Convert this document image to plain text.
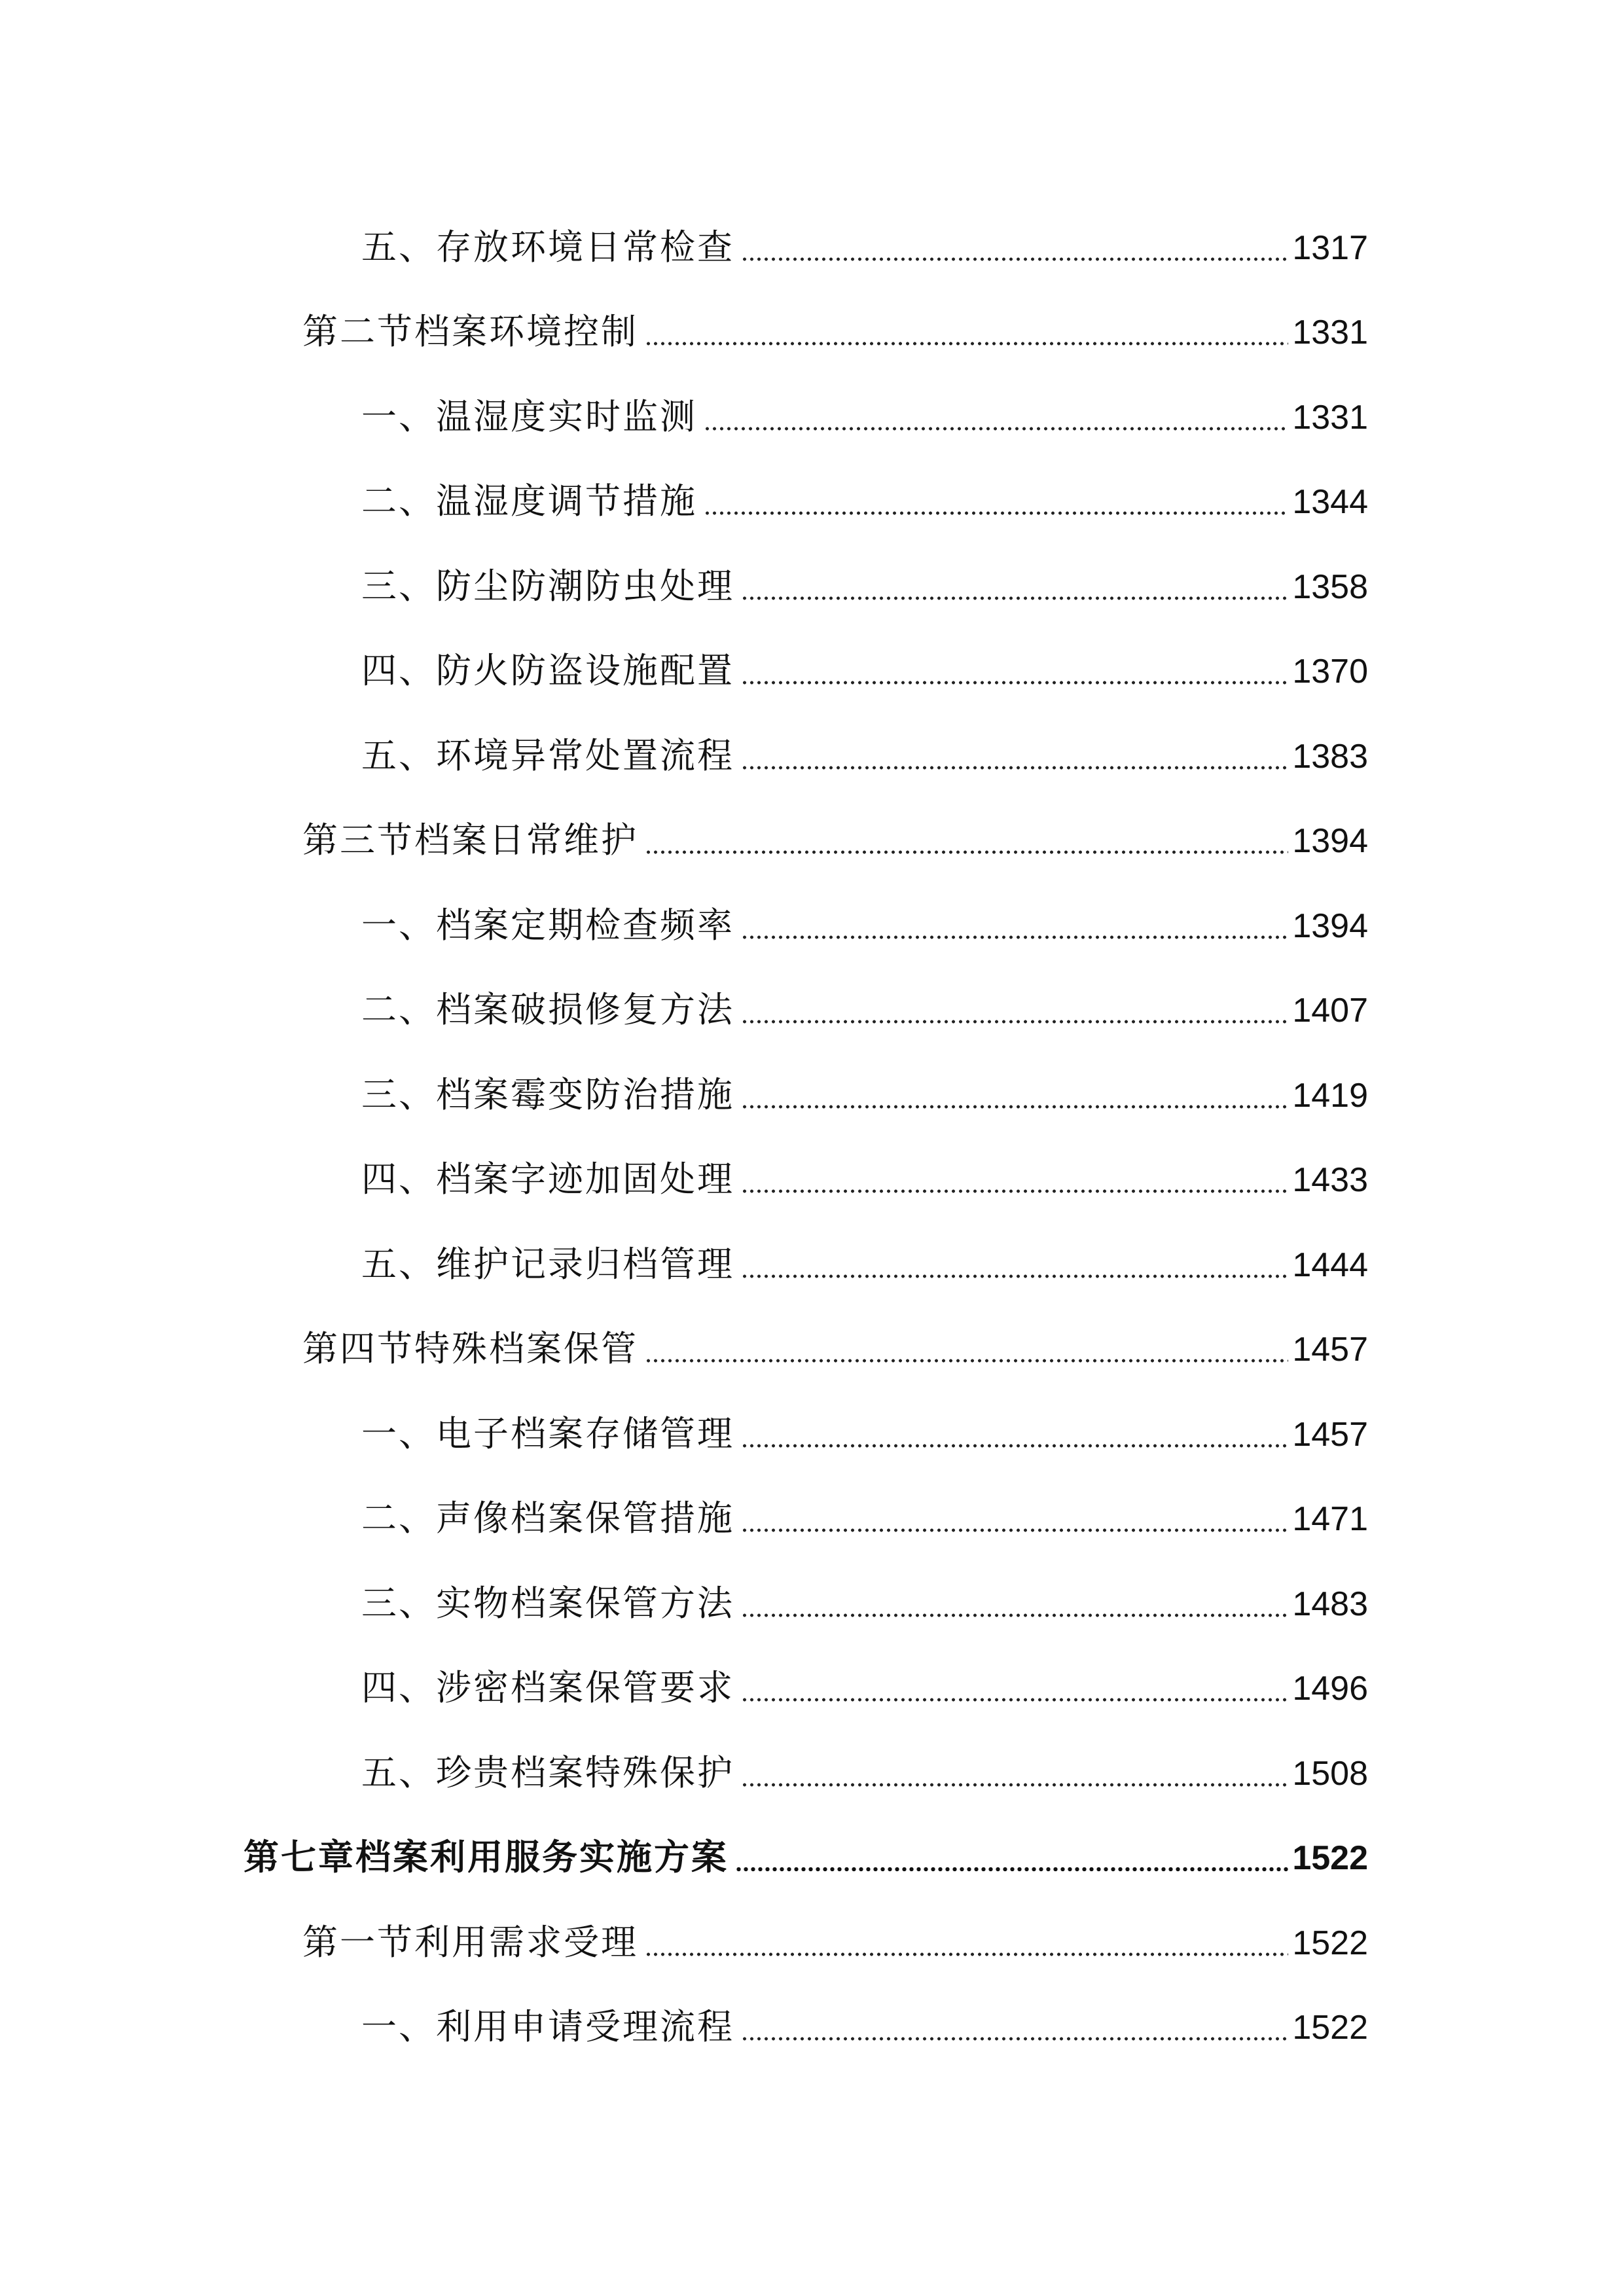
五、存放环境日常检查	1317
第二节档案环境控制	1331
一、温湿度实时监测	1331
二、温湿度调节措施	1344
三、防尘防潮防虫处理	1358
四、防火防盗设施配置	1370
五、环境异常处置流程	1383
第三节档案日常维护	1394
一、档案定期检查频率	1394
二、档案破损修复方法	1407
三、档案霉变防治措施	1419
四、档案字迹加固处理	1433
五、维护记录归档管理	1444
第四节特殊档案保管	1457
一、电子档案存储管理	1457
二、声像档案保管措施	1471
三、实物档案保管方法	1483
四、涉密档案保管要求	1496
五、珍贵档案特殊保护	1508
第七章档案利用服务实施方案	1522
第一节利用需求受理	1522
一、利用申请受理流程	1522
